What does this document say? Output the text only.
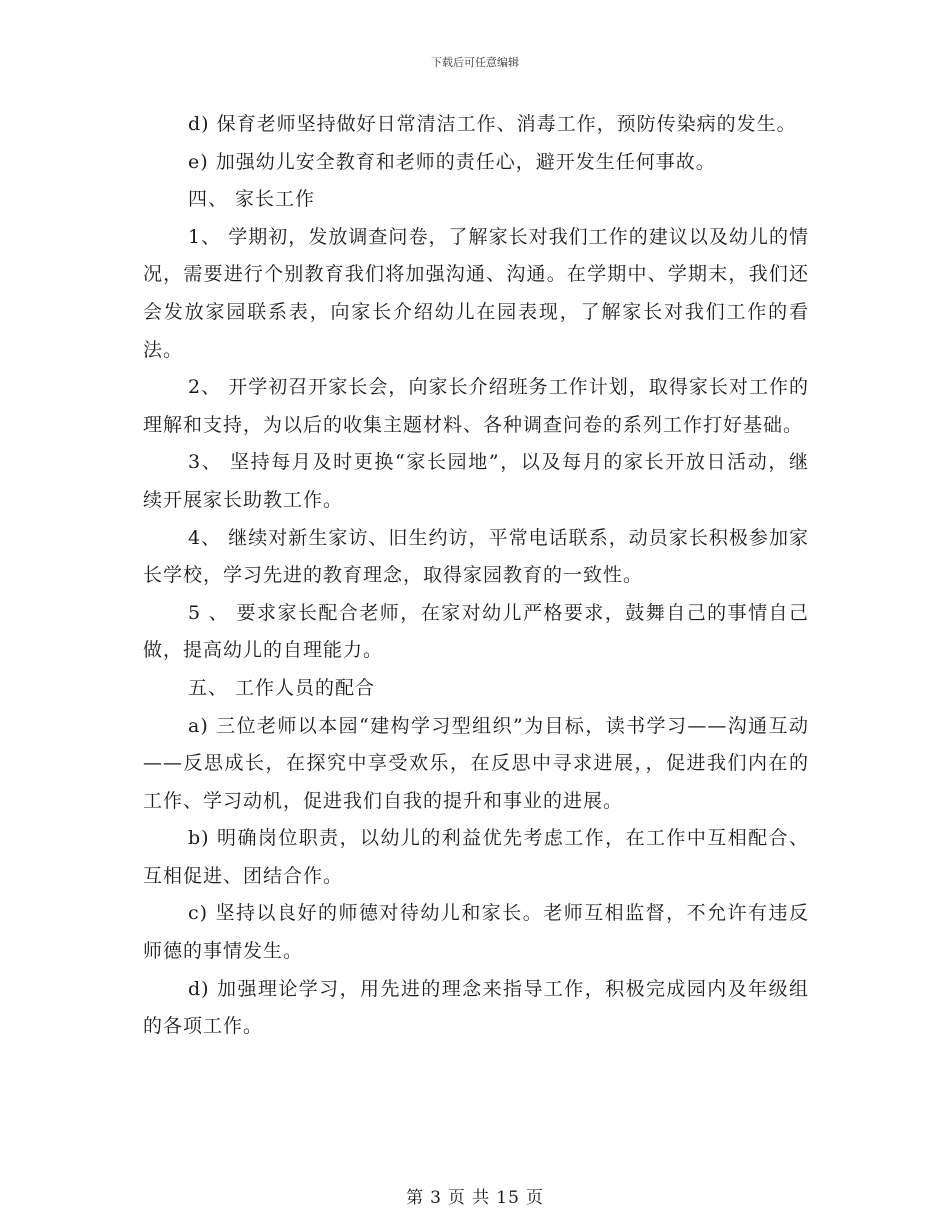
下载后可任意编辑

d) 保育老师坚持做好日常清洁工作、消毒工作，预防传染病的发生。

e) 加强幼儿安全教育和老师的责任心，避开发生任何事故。

四、 家长工作

1、 学期初，发放调查问卷，了解家长对我们工作的建议以及幼儿的情况，需要进行个别教育我们将加强沟通、沟通。在学期中、学期末，我们还会发放家园联系表，向家长介绍幼儿在园表现，了解家长对我们工作的看法。

2、 开学初召开家长会，向家长介绍班务工作计划，取得家长对工作的理解和支持，为以后的收集主题材料、各种调查问卷的系列工作打好基础。

3、 坚持每月及时更换“家长园地”，以及每月的家长开放日活动，继续开展家长助教工作。

4、 继续对新生家访、旧生约访，平常电话联系，动员家长积极参加家长学校，学习先进的教育理念，取得家园教育的一致性。

5 、 要求家长配合老师，在家对幼儿严格要求，鼓舞自己的事情自己做，提高幼儿的自理能力。

五、 工作人员的配合

a) 三位老师以本园“建构学习型组织”为目标，读书学习——沟通互动——反思成长，在探究中享受欢乐，在反思中寻求进展，，促进我们内在的工作、学习动机，促进我们自我的提升和事业的进展。

b) 明确岗位职责，以幼儿的利益优先考虑工作，在工作中互相配合、互相促进、团结合作。

c) 坚持以良好的师德对待幼儿和家长。老师互相监督，不允许有违反师德的事情发生。

d) 加强理论学习，用先进的理念来指导工作，积极完成园内及年级组的各项工作。

第 3 页 共 15 页
